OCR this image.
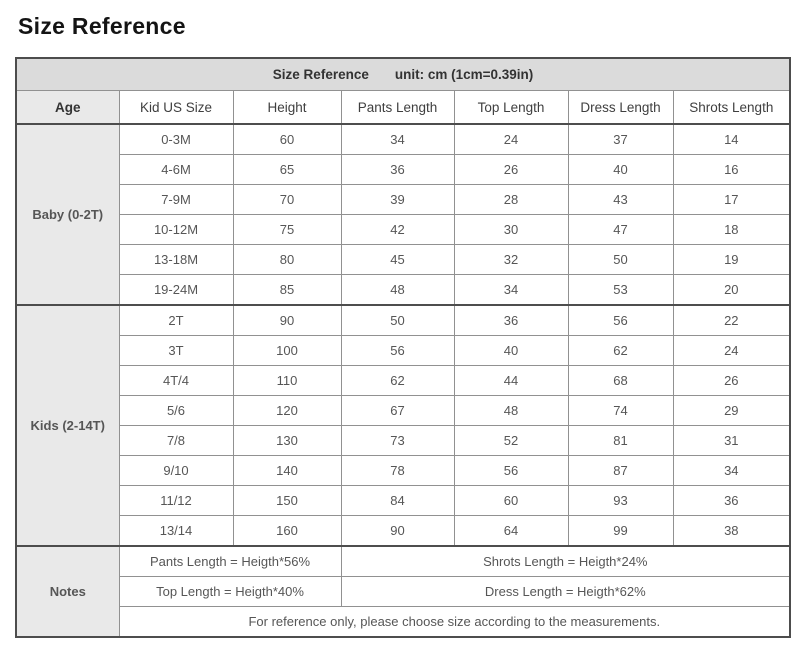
Size Reference
Size Reference unit: cm (1cm=0.39in)						
Age	Kid US Size	Height	Pants Length	Top Length	Dress Length	Shrots Length
Baby (0-2T)	0-3M	60	34	24	37	14
	4-6M	65	36	26	40	16
	7-9M	70	39	28	43	17
	10-12M	75	42	30	47	18
	13-18M	80	45	32	50	19
	19-24M	85	48	34	53	20
Kids (2-14T)	2T	90	50	36	56	22
	3T	100	56	40	62	24
	4T/4	110	62	44	68	26
	5/6	120	67	48	74	29
	7/8	130	73	52	81	31
	9/10	140	78	56	87	34
	11/12	150	84	60	93	36
	13/14	160	90	64	99	38
Notes	Pants Length = Heigth*56%		Shrots Length = Heigth*24%			
	Top Length = Heigth*40%		Dress Length = Heigth*62%			
	For reference only, please choose size according to the measurements.					
